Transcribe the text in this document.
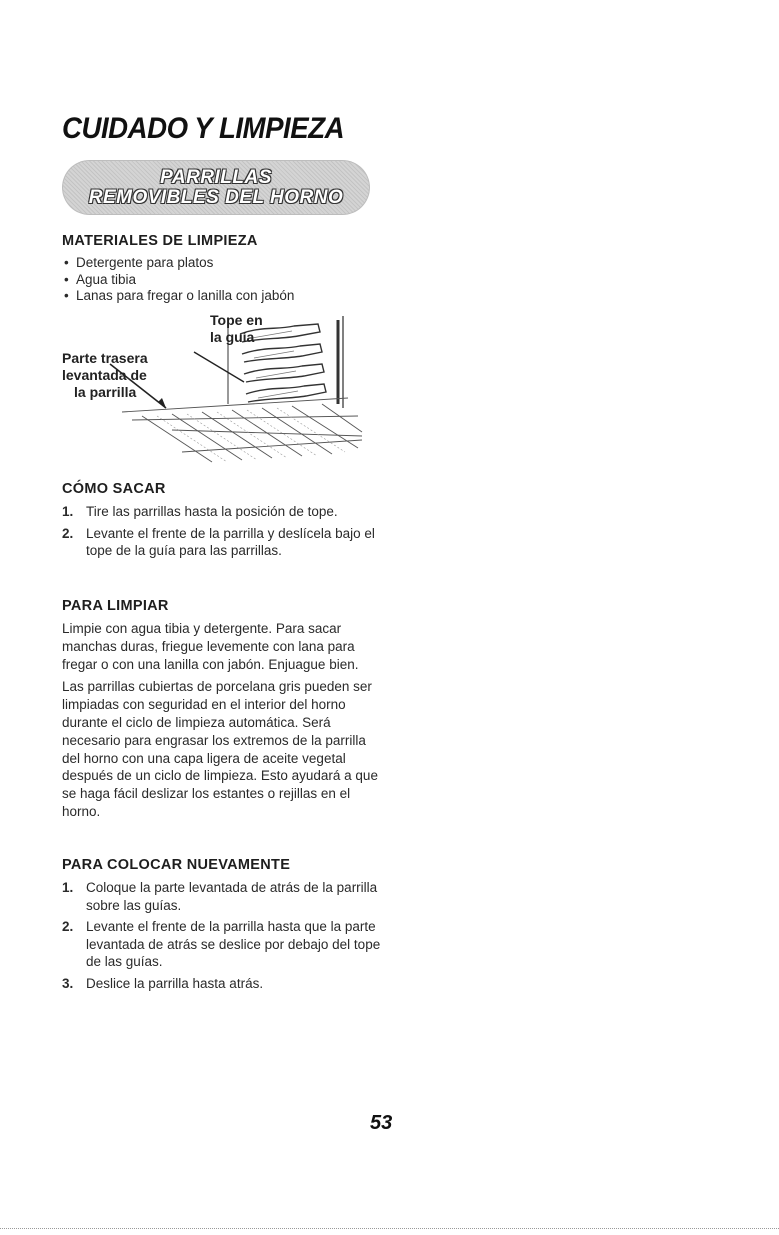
CUIDADO Y LIMPIEZA
PARRILLAS
REMOVIBLES DEL HORNO
MATERIALES DE LIMPIEZA
• Detergente para platos
• Agua tibia
• Lanas para fregar o lanilla con jabón
Tope en
la guía
Parte trasera
levantada de
la parrilla
CÓMO SACAR
1. Tire las parrillas hasta la posición de tope.
2. Levante el frente de la parrilla y deslícela bajo el tope de la guía para las parrillas.
PARA LIMPIAR

Limpie con agua tibia y detergente. Para sacar manchas duras, friegue levemente con lana para fregar o con una lanilla con jabón. Enjuague bien.

Las parrillas cubiertas de porcelana gris pueden ser limpiadas con seguridad en el interior del horno durante el ciclo de limpieza automática. Será necesario para engrasar los extremos de la parrilla del horno con una capa ligera de aceite vegetal después de un ciclo de limpieza. Esto ayudará a que se haga fácil deslizar los estantes o rejillas en el horno.

PARA COLOCAR NUEVAMENTE
1. Coloque la parte levantada de atrás de la parrilla sobre las guías.
2. Levante el frente de la parrilla hasta que la parte levantada de atrás se deslice por debajo del tope de las guías.
3. Deslice la parrilla hasta atrás.
53
